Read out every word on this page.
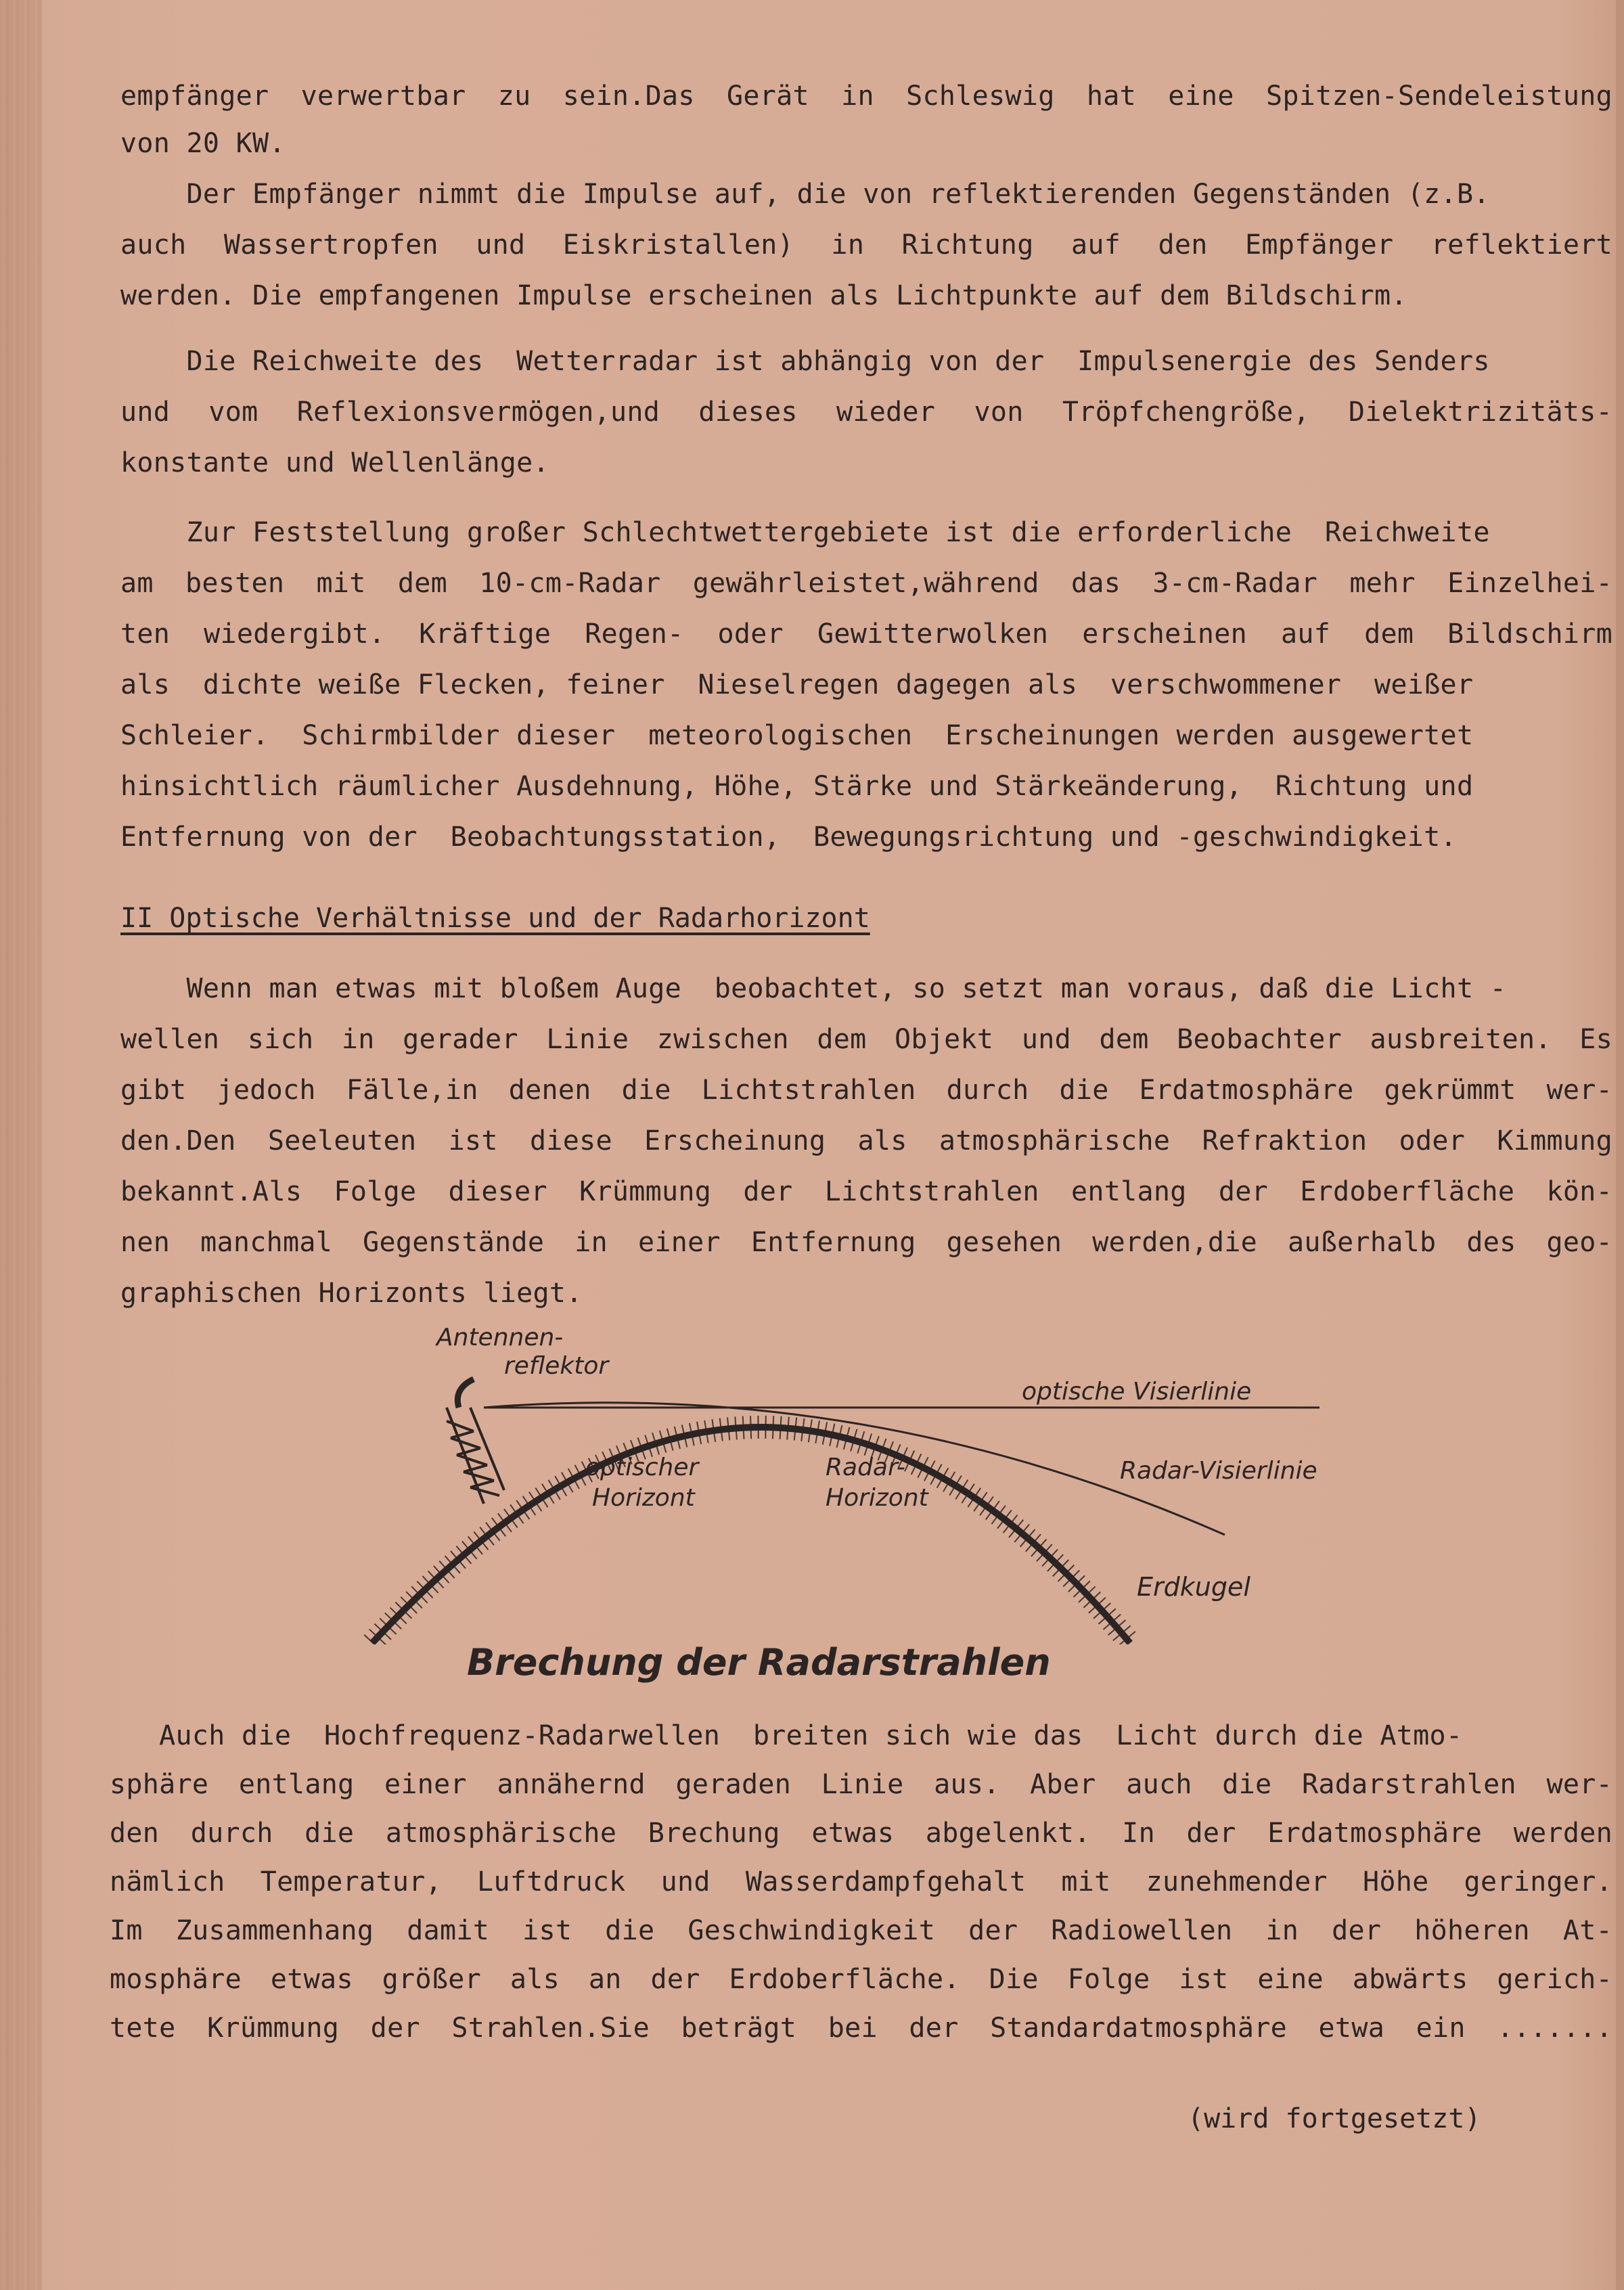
empfänger verwertbar zu sein.Das Gerät in Schleswig hat eine Spitzen-Sendeleistung
von 20 KW.
Der Empfänger nimmt die Impulse auf, die von reflektierenden Gegenständen (z.B.
auch Wassertropfen und Eiskristallen) in Richtung auf den Empfänger reflektiert
werden. Die empfangenen Impulse erscheinen als Lichtpunkte auf dem Bildschirm.
Die Reichweite des  Wetterradar ist abhängig von der  Impulsenergie des Senders
und vom Reflexionsvermögen,und dieses wieder von Tröpfchengröße, Dielektrizitäts-
konstante und Wellenlänge.
Zur Feststellung großer Schlechtwettergebiete ist die erforderliche  Reichweite
am besten mit dem 10-cm-Radar gewährleistet,während das 3-cm-Radar mehr Einzelhei-
ten wiedergibt. Kräftige Regen- oder Gewitterwolken erscheinen auf dem Bildschirm
als  dichte weiße Flecken, feiner  Nieselregen dagegen als  verschwommener  weißer
Schleier.  Schirmbilder dieser  meteorologischen  Erscheinungen werden ausgewertet
hinsichtlich räumlicher Ausdehnung, Höhe, Stärke und Stärkeänderung,  Richtung und
Entfernung von der  Beobachtungsstation,  Bewegungsrichtung und -geschwindigkeit.
II Optische Verhältnisse und der Radarhorizont
Wenn man etwas mit bloßem Auge  beobachtet, so setzt man voraus, daß die Licht -
wellen sich in gerader Linie zwischen dem Objekt und dem Beobachter ausbreiten. Es
gibt jedoch Fälle,in denen die Lichtstrahlen durch die Erdatmosphäre gekrümmt wer-
den.Den Seeleuten ist diese Erscheinung als atmosphärische Refraktion oder Kimmung
bekannt.Als Folge dieser Krümmung der Lichtstrahlen entlang der Erdoberfläche kön-
nen manchmal Gegenstände in einer Entfernung gesehen werden,die außerhalb des geo-
graphischen Horizonts liegt.
Antennen-
reflektor
optische Visierlinie
Radar-Visierlinie
optischer
Horizont
Radar-
Horizont
Erdkugel
Brechung der Radarstrahlen
Auch die  Hochfrequenz-Radarwellen  breiten sich wie das  Licht durch die Atmo-
sphäre entlang einer annähernd geraden Linie aus. Aber auch die Radarstrahlen wer-
den durch die atmosphärische Brechung etwas abgelenkt. In der Erdatmosphäre werden
nämlich Temperatur, Luftdruck und Wasserdampfgehalt mit zunehmender Höhe geringer.
Im Zusammenhang damit ist die Geschwindigkeit der Radiowellen in der höheren At-
mosphäre etwas größer als an der Erdoberfläche. Die Folge ist eine abwärts gerich-
tete Krümmung der Strahlen.Sie beträgt bei der Standardatmosphäre etwa ein .......
(wird fortgesetzt)
